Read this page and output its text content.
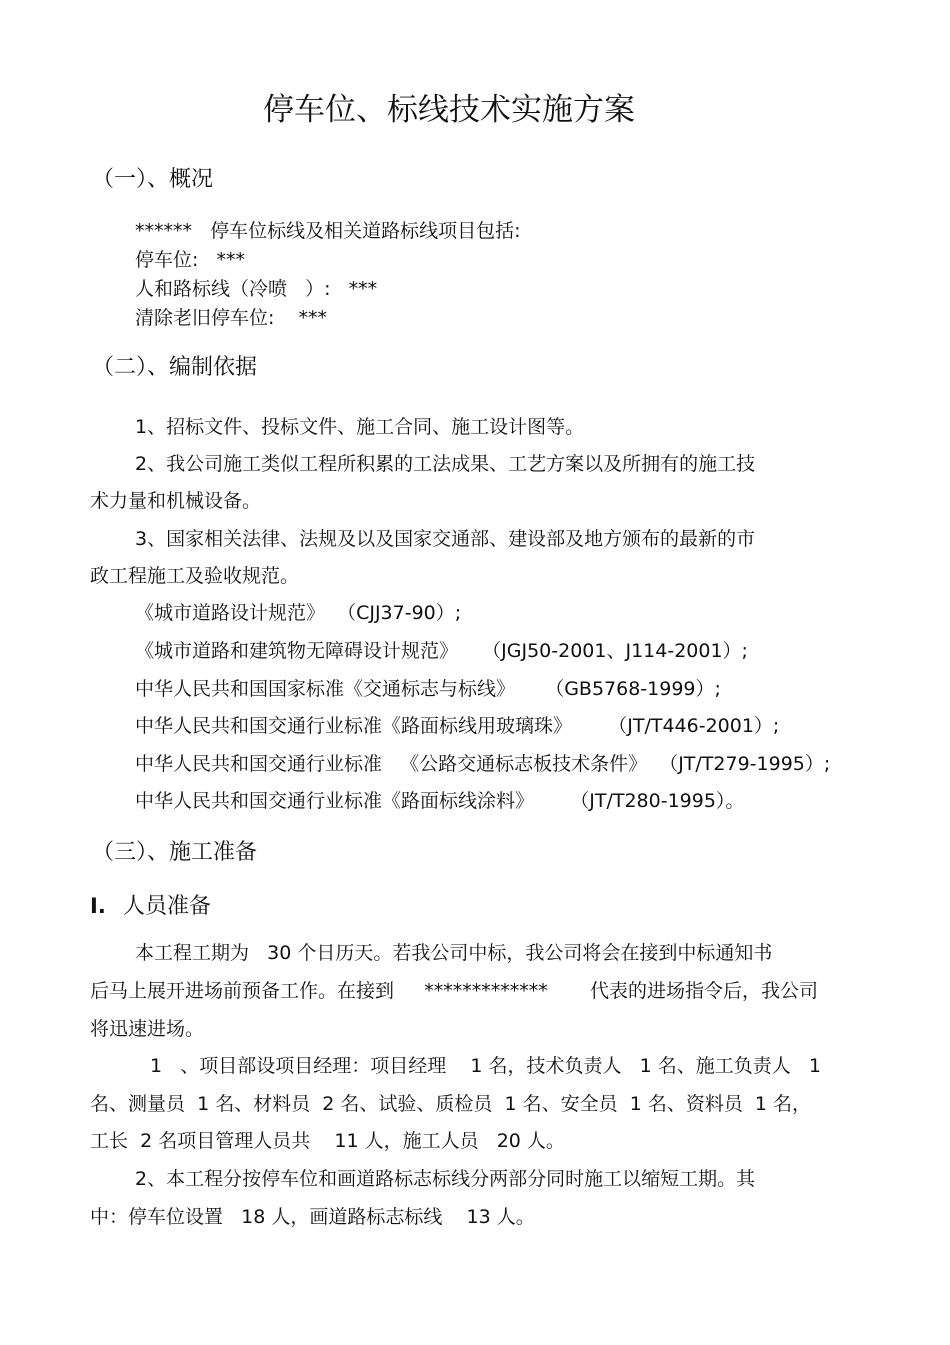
停车位、标线技术实施方案
（一）、概况
******   停车位标线及相关道路标线项目包括:
停车位:   ***
人和路标线（冷喷   ）:   ***
清除老旧停车位:    ***
（二）、编制依据
1、招标文件、投标文件、施工合同、施工设计图等。
2、我公司施工类似工程所积累的工法成果、工艺方案以及所拥有的施工技
术力量和机械设备。
3、国家相关法律、法规及以及国家交通部、建设部及地方颁布的最新的市
政工程施工及验收规范。
《城市道路设计规范》  （CJJ37-90）;
《城市道路和建筑物无障碍设计规范》    （JGJ50-2001、J114-2001）;
中华人民共和国国家标准《交通标志与标线》     （GB5768-1999）;
中华人民共和国交通行业标准《路面标线用玻璃珠》      （JT/T446-2001）;
中华人民共和国交通行业标准   《公路交通标志板技术条件》  （JT/T279-1995）;
中华人民共和国交通行业标准《路面标线涂料》      （JT/T280-1995）。
（三）、施工准备
I. 人员准备
本工程工期为   30 个日历天。若我公司中标，我公司将会在接到中标通知书
后马上展开进场前预备工作。在接到     *************       代表的进场指令后，我公司
将迅速进场。
1   、项目部设项目经理：项目经理    1 名，技术负责人   1 名、施工负责人   1
名、测量员  1 名、材料员  2 名、试验、质检员  1 名、安全员  1 名、资料员  1 名，
工长  2 名项目管理人员共    11 人，施工人员   20 人。
2、本工程分按停车位和画道路标志标线分两部分同时施工以缩短工期。其
中：停车位设置   18 人，画道路标志标线    13 人。
